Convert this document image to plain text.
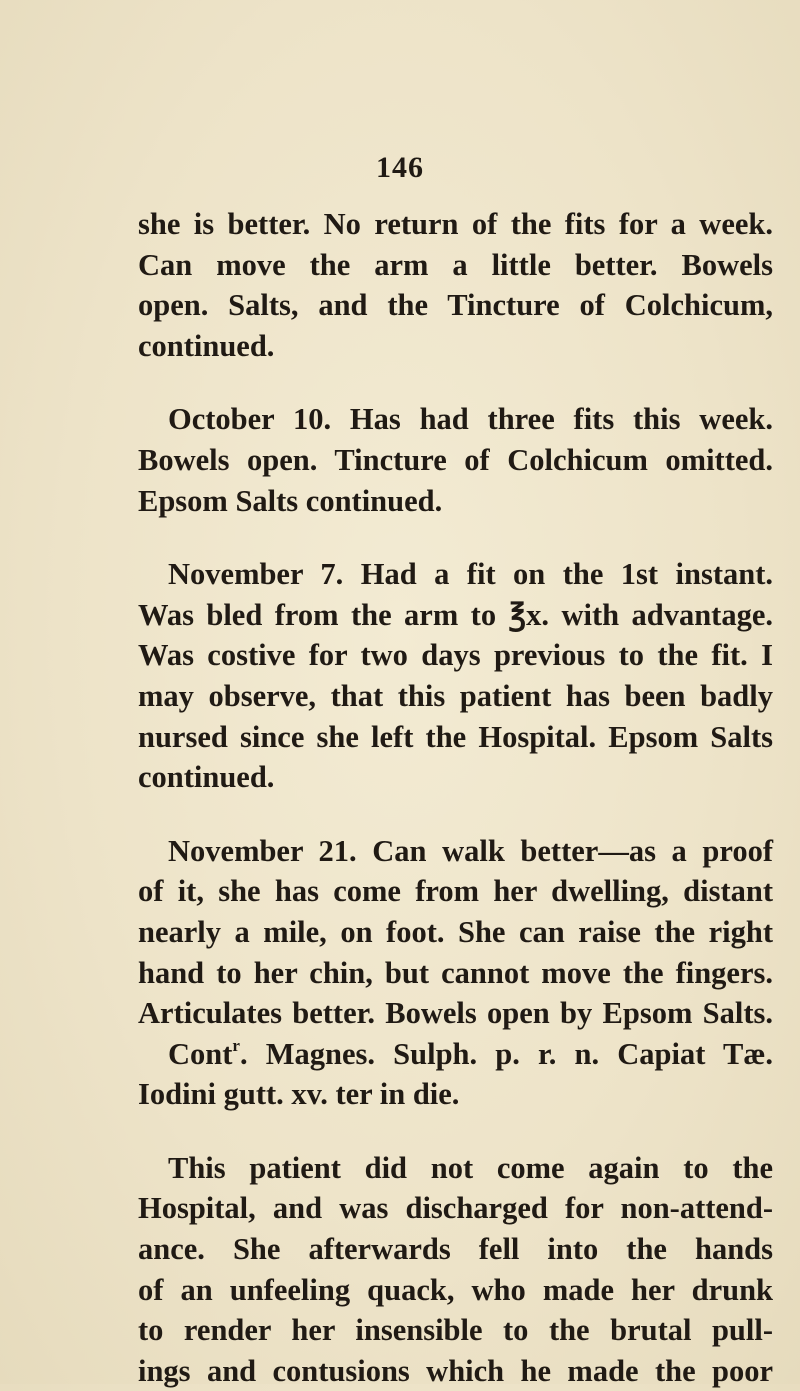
146
she is better. No return of the fits for a week.
Can move the arm a little better. Bowels
open. Salts, and the Tincture of Colchicum,
continued.
October 10. Has had three fits this week.
Bowels open. Tincture of Colchicum omitted.
Epsom Salts continued.
November 7. Had a fit on the 1st instant.
Was bled from the arm to ℥x. with advantage.
Was costive for two days previous to the fit. I
may observe, that this patient has been badly
nursed since she left the Hospital. Epsom Salts
continued.
November 21. Can walk better—as a proof
of it, she has come from her dwelling, distant
nearly a mile, on foot. She can raise the right
hand to her chin, but cannot move the fingers.
Articulates better. Bowels open by Epsom Salts.
Cont$^r$. Magnes. Sulph. p. r. n. Capiat Tæ.
Iodini gutt. xv. ter in die.
This patient did not come again to the
Hospital, and was discharged for non-attend-
ance. She afterwards fell into the hands
of an unfeeling quack, who made her drunk
to render her insensible to the brutal pull-
ings and contusions which he made the poor
